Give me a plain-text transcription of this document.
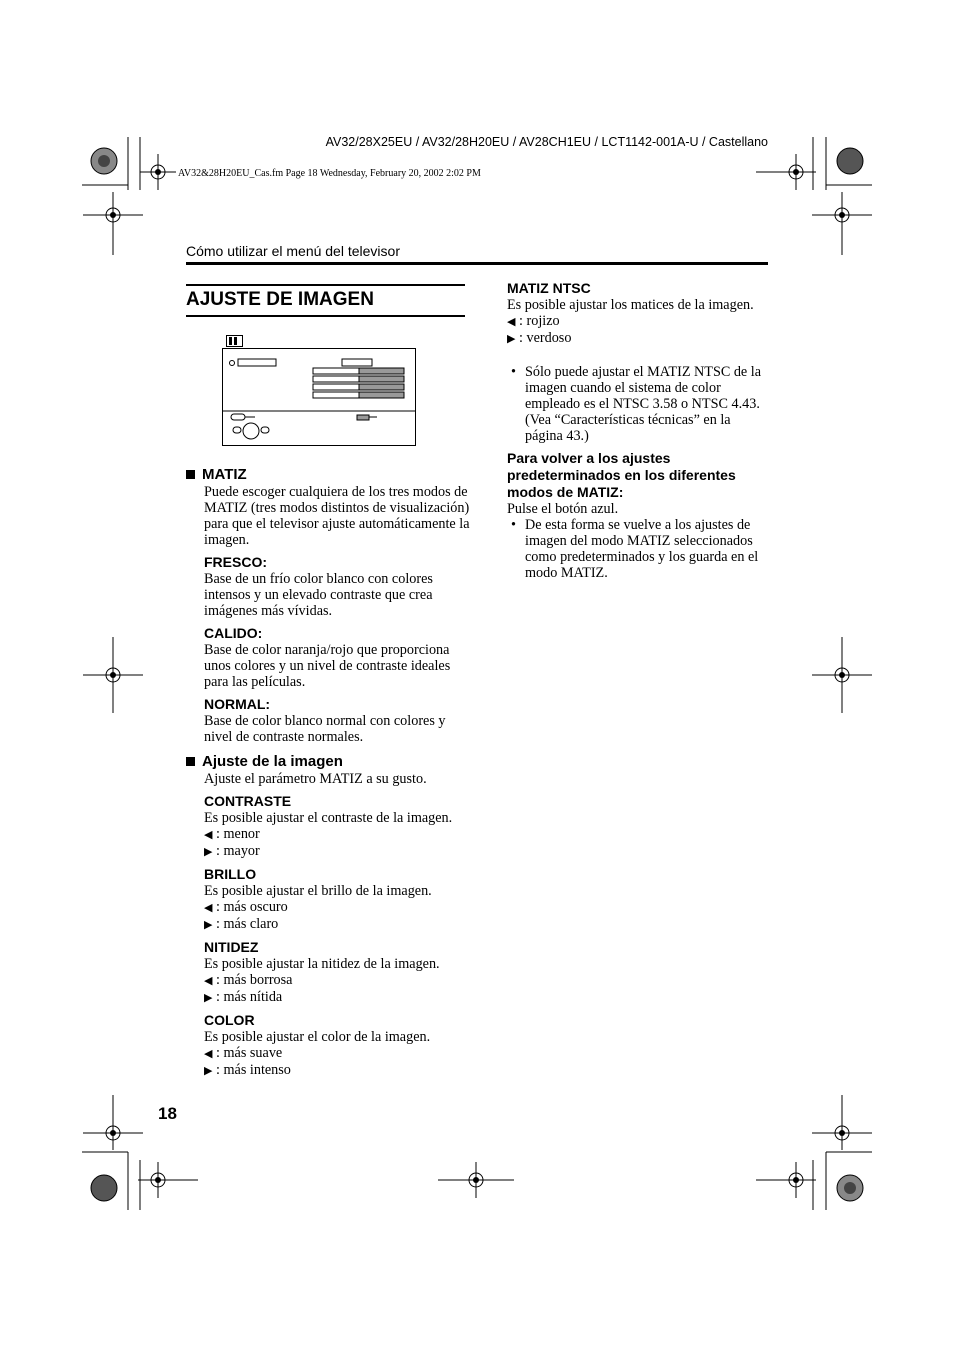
AV32/28X25EU / AV32/28H20EU / AV28CH1EU / LCT1142-001A-U / Castellano
AV32&28H20EU_Cas.fm Page 18 Wednesday, February 20, 2002 2:02 PM
Cómo utilizar el menú del televisor
AJUSTE DE IMAGEN
MATIZ

Puede escoger cualquiera de los tres modos de MATIZ (tres modos distintos de visualización) para que el televisor ajuste automáticamente la imagen.

FRESCO:

Base de un frío color blanco con colores intensos y un elevado contraste que crea imágenes más vívidas.

CALIDO:

Base de color naranja/rojo que proporciona unos colores y un nivel de contraste ideales para las películas.

NORMAL:

Base de color blanco normal con colores y nivel de contraste normales.

Ajuste de la imagen

Ajuste el parámetro MATIZ a su gusto.

CONTRASTE

Es posible ajustar el contraste de la imagen.

◀ : menor

▶ : mayor

BRILLO

Es posible ajustar el brillo de la imagen.

◀ : más oscuro

▶ : más claro

NITIDEZ

Es posible ajustar la nitidez de la imagen.

◀ : más borrosa

▶ : más nítida

COLOR

Es posible ajustar el color de la imagen.

◀ : más suave

▶ : más intenso

MATIZ NTSC

Es posible ajustar los matices de la imagen.

◀ : rojizo

▶ : verdoso

• Sólo puede ajustar el MATIZ NTSC de la imagen cuando el sistema de color empleado es el NTSC 3.58 o NTSC 4.43. (Vea “Características técnicas” en la página 43.)

Para volver a los ajustes predeterminados en los diferentes modos de MATIZ:

Pulse el botón azul.

• De esta forma se vuelve a los ajustes de imagen del modo MATIZ seleccionados como predeterminados y los guarda en el modo MATIZ.

18
